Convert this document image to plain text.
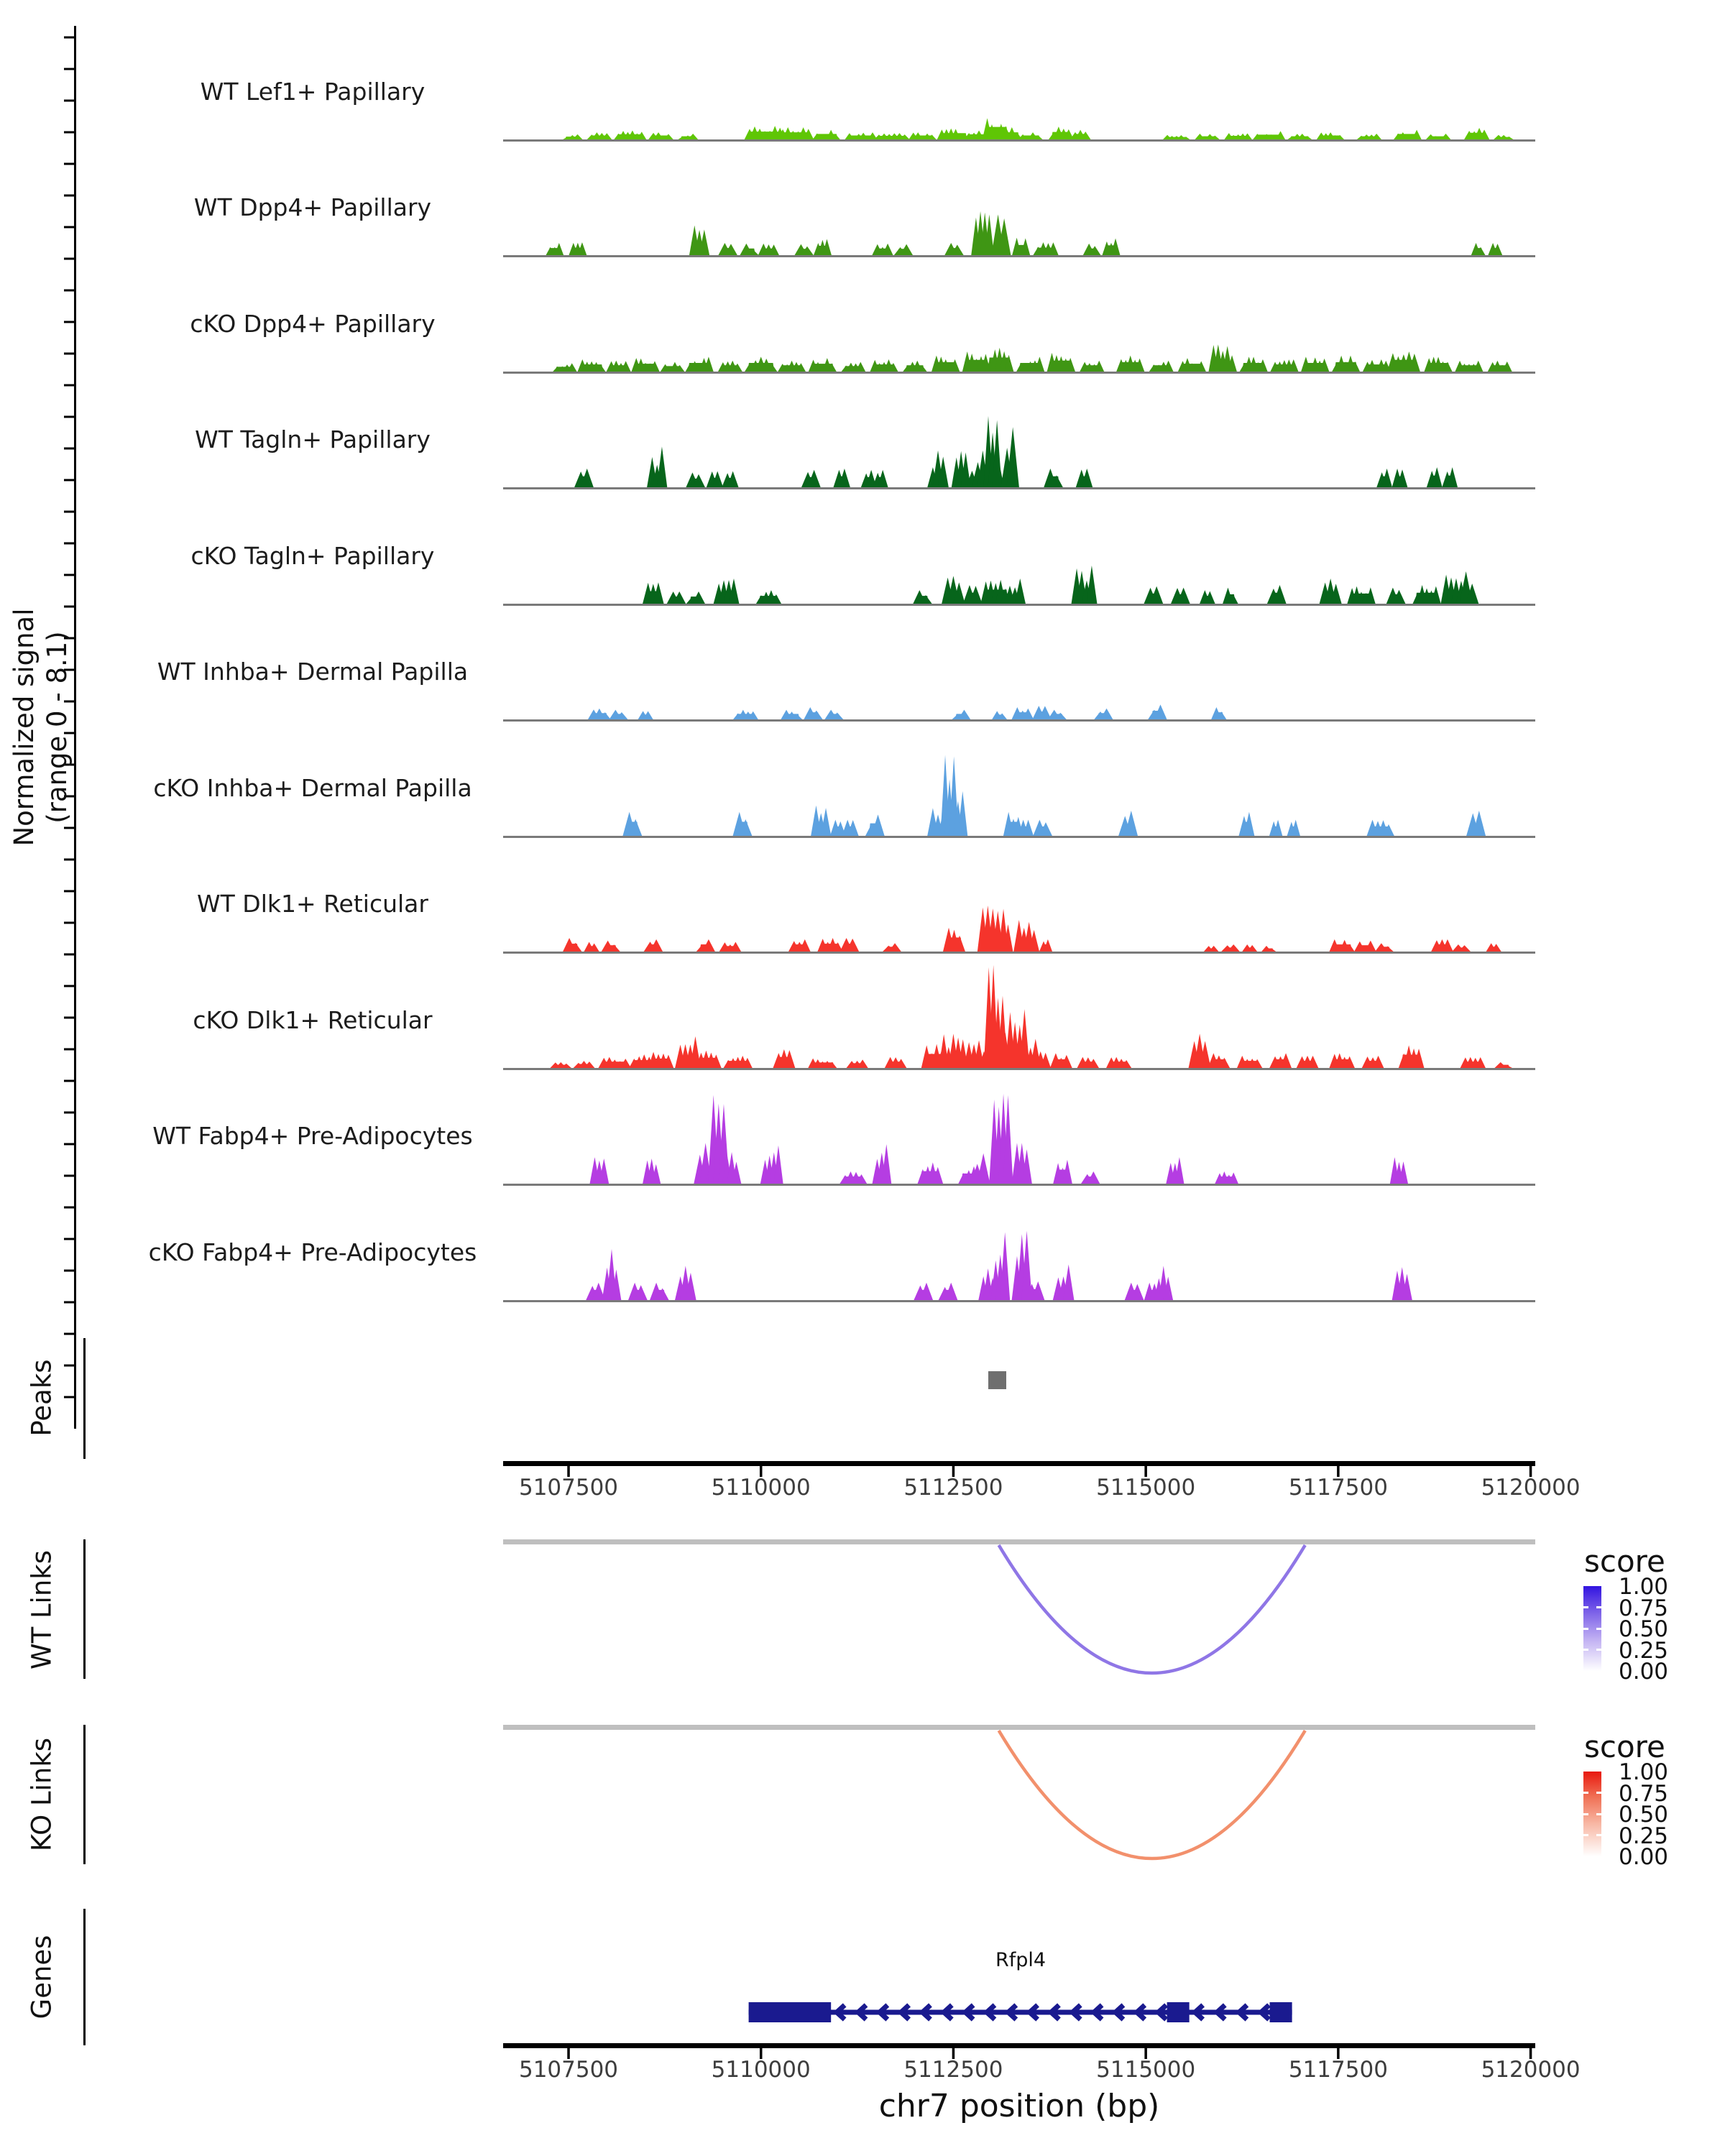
Normalized signal (range 0 - 8.1)
WT Lef1+ Papillary
WT Dpp4+ Papillary
cKO Dpp4+ Papillary
WT Tagln+ Papillary
cKO Tagln+ Papillary
WT Inhba+ Dermal Papilla
cKO Inhba+ Dermal Papilla
WT Dlk1+ Reticular
cKO Dlk1+ Reticular
WT Fabp4+ Pre-Adipocytes
cKO Fabp4+ Pre-Adipocytes
Peaks
WT Links
KO Links
Genes
5107500	5110000	5112500	5115000	5117500	5120000
5107500	5110000	5112500	5115000	5117500	5120000
score
1.00
0.75
0.50
0.25
0.00
score
1.00
0.75
0.50
0.25
0.00
Rfpl4
chr7 position (bp)
